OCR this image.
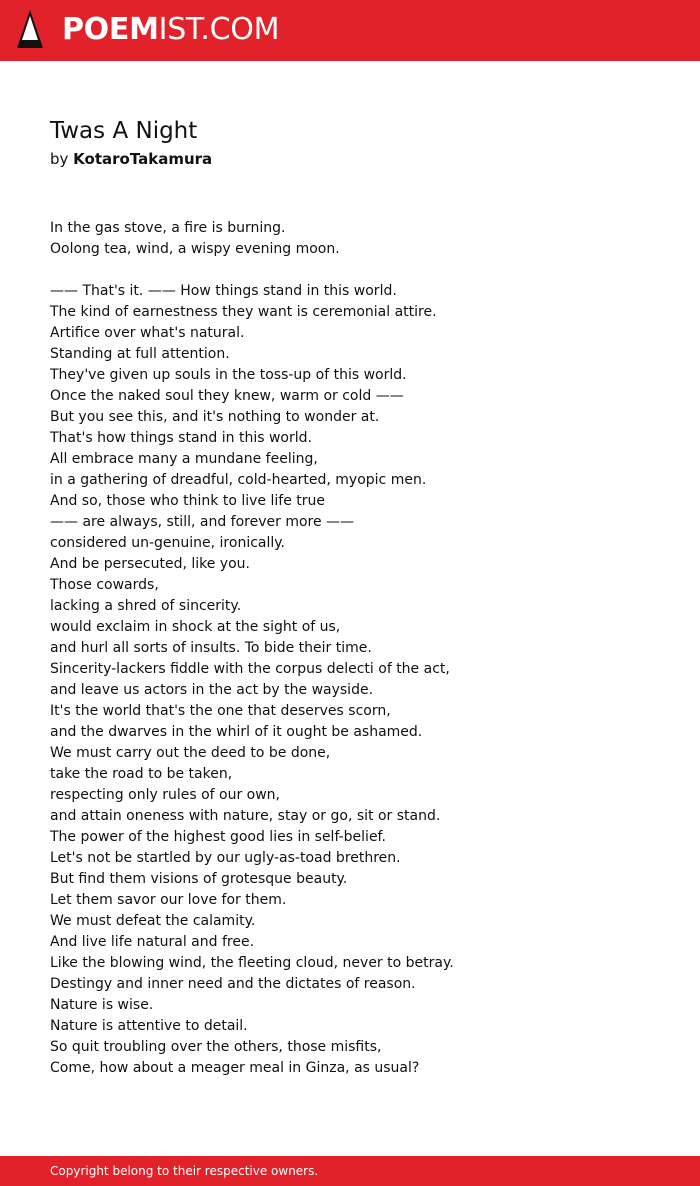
POEMIST.COM
Twas A Night
by KotaroTakamura
In the gas stove, a fire is burning.
Oolong tea, wind, a wispy evening moon.
—— That's it. —— How things stand in this world.
The kind of earnestness they want is ceremonial attire.
Artifice over what's natural.
Standing at full attention.
They've given up souls in the toss-up of this world.
Once the naked soul they knew, warm or cold ——
But you see this, and it's nothing to wonder at.
That's how things stand in this world.
All embrace many a mundane feeling,
in a gathering of dreadful, cold-hearted, myopic men.
And so, those who think to live life true
—— are always, still, and forever more ——
considered un-genuine, ironically.
And be persecuted, like you.
Those cowards,
lacking a shred of sincerity.
would exclaim in shock at the sight of us,
and hurl all sorts of insults. To bide their time.
Sincerity-lackers fiddle with the corpus delecti of the act,
and leave us actors in the act by the wayside.
It's the world that's the one that deserves scorn,
and the dwarves in the whirl of it ought be ashamed.
We must carry out the deed to be done,
take the road to be taken,
respecting only rules of our own,
and attain oneness with nature, stay or go, sit or stand.
The power of the highest good lies in self-belief.
Let's not be startled by our ugly-as-toad brethren.
But find them visions of grotesque beauty.
Let them savor our love for them.
We must defeat the calamity.
And live life natural and free.
Like the blowing wind, the fleeting cloud, never to betray.
Destingy and inner need and the dictates of reason.
Nature is wise.
Nature is attentive to detail.
So quit troubling over the others, those misfits,
Come, how about a meager meal in Ginza, as usual?
Copyright belong to their respective owners.
